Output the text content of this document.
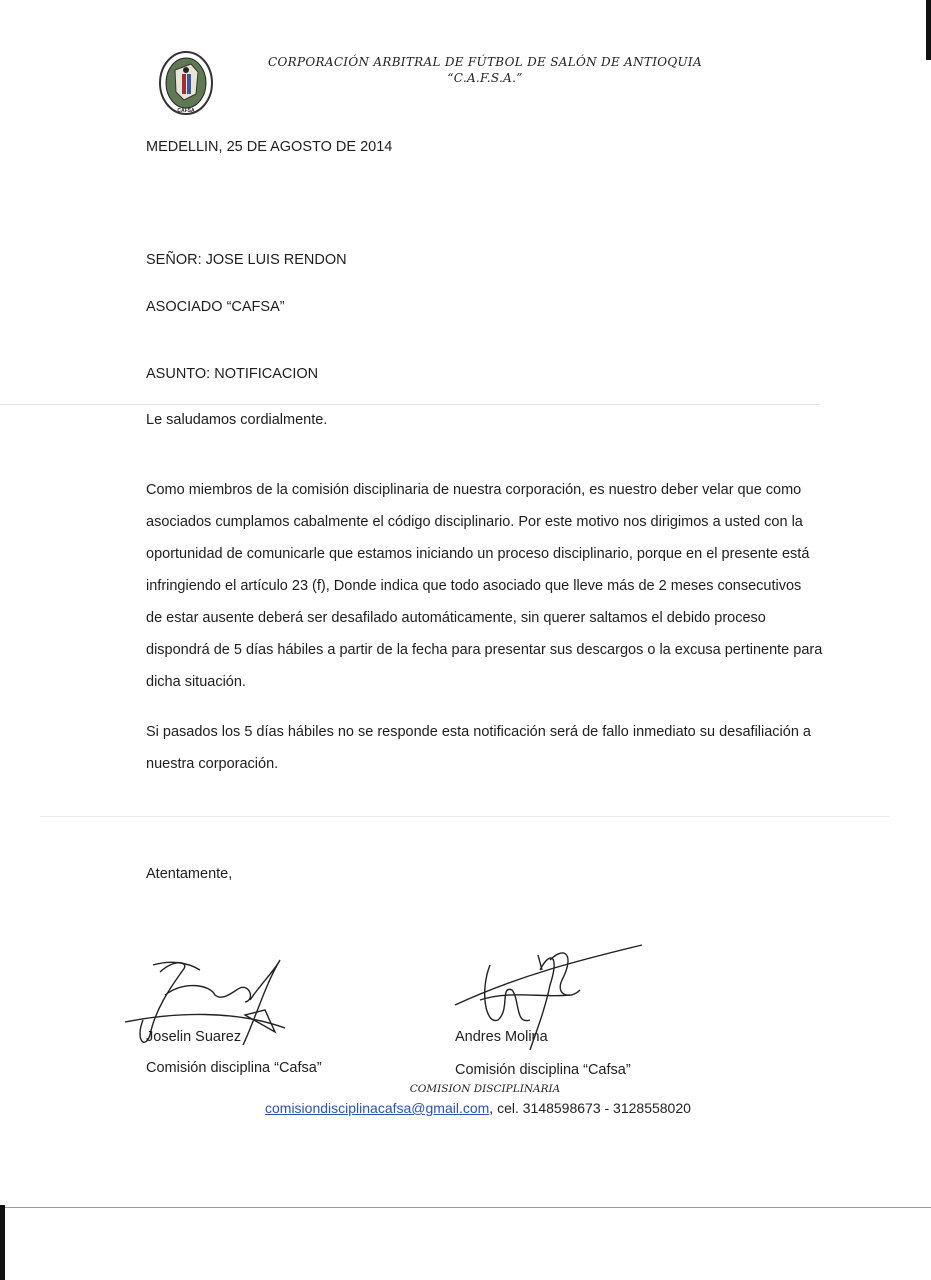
CAFSA
CORPORACIÓN ARBITRAL DE FÚTBOL DE SALÓN DE ANTIOQUIA
“C.A.F.S.A.”
MEDELLIN, 25 DE AGOSTO DE 2014
SEÑOR: JOSE LUIS RENDON
ASOCIADO “CAFSA”
ASUNTO: NOTIFICACION
Le saludamos cordialmente.
Como miembros de la comisión disciplinaria de nuestra corporación, es nuestro deber velar que como
asociados cumplamos cabalmente el código disciplinario. Por este motivo nos dirigimos a usted con la
oportunidad de comunicarle que estamos iniciando un proceso disciplinario, porque en el presente está
infringiendo el artículo 23 (f), Donde indica que todo asociado que lleve más de 2 meses consecutivos
de estar ausente deberá ser desafilado automáticamente, sin querer saltamos el debido proceso
dispondrá de 5 días hábiles a partir de la fecha para presentar sus descargos o la excusa pertinente para
dicha situación.
Si pasados los 5 días hábiles no se responde esta notificación será de fallo inmediato su desafiliación a
nuestra corporación.
Atentamente,
Joselin Suarez
Comisión disciplina “Cafsa”
Andres Molina
Comisión disciplina “Cafsa”
COMISION DISCIPLINARIA
comisiondisciplinacafsa@gmail.com, cel. 3148598673 - 3128558020
